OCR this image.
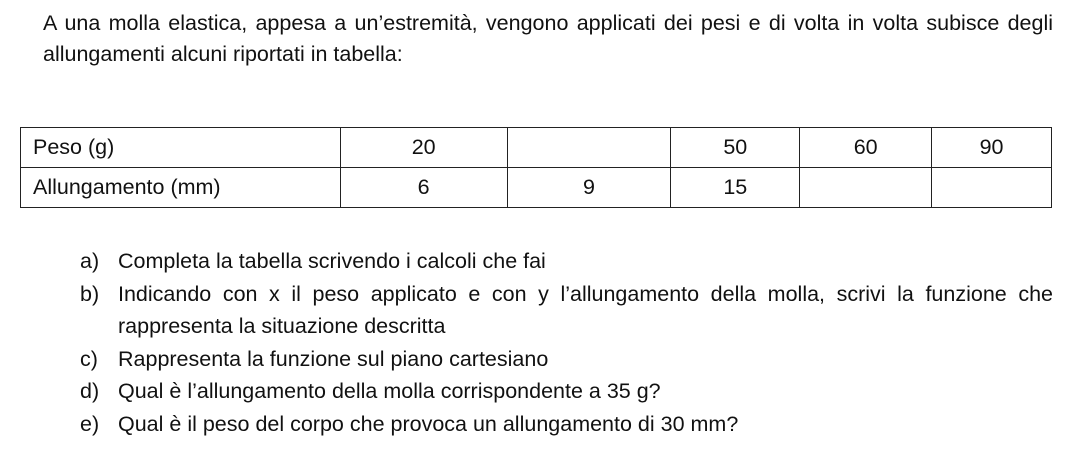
A una molla elastica, appesa a un’estremità, vengono applicati dei pesi e di volta in volta subisce degli allungamenti alcuni riportati in tabella:
Peso (g)	20		50	60	90
Allungamento (mm)	6	9	15		
a) Completa la tabella scrivendo i calcoli che fai
b) Indicando con x il peso applicato e con y l’allungamento della molla, scrivi la funzione che rappresenta la situazione descritta
c) Rappresenta la funzione sul piano cartesiano
d) Qual è l’allungamento della molla corrispondente a 35 g?
e) Qual è il peso del corpo che provoca un allungamento di 30 mm?
